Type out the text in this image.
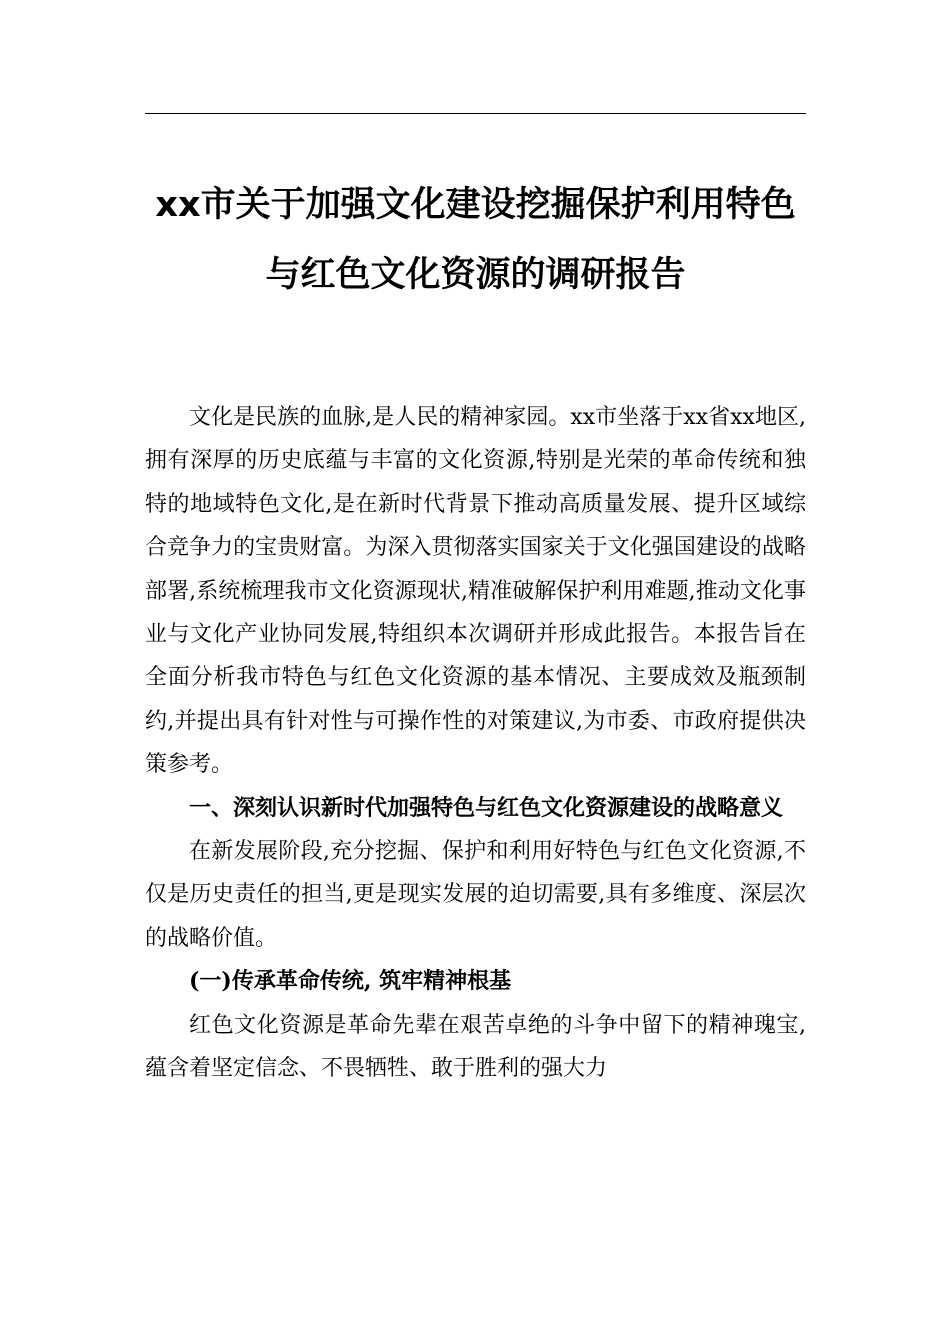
xx市关于加强文化建设挖掘保护利用特色
与红色文化资源的调研报告

文化是民族的血脉,是人民的精神家园。xx市坐落于xx省xx地区,拥有深厚的历史底蕴与丰富的文化资源,特别是光荣的革命传统和独特的地域特色文化,是在新时代背景下推动高质量发展、提升区域综合竞争力的宝贵财富。为深入贯彻落实国家关于文化强国建设的战略部署,系统梳理我市文化资源现状,精准破解保护利用难题,推动文化事业与文化产业协同发展,特组织本次调研并形成此报告。本报告旨在全面分析我市特色与红色文化资源的基本情况、主要成效及瓶颈制约,并提出具有针对性与可操作性的对策建议,为市委、市政府提供决策参考。

一、深刻认识新时代加强特色与红色文化资源建设的战略意义

在新发展阶段,充分挖掘、保护和利用好特色与红色文化资源,不仅是历史责任的担当,更是现实发展的迫切需要,具有多维度、深层次的战略价值。

(一)传承革命传统, 筑牢精神根基

红色文化资源是革命先辈在艰苦卓绝的斗争中留下的精神瑰宝,蕴含着坚定信念、不畏牺牲、敢于胜利的强大力
